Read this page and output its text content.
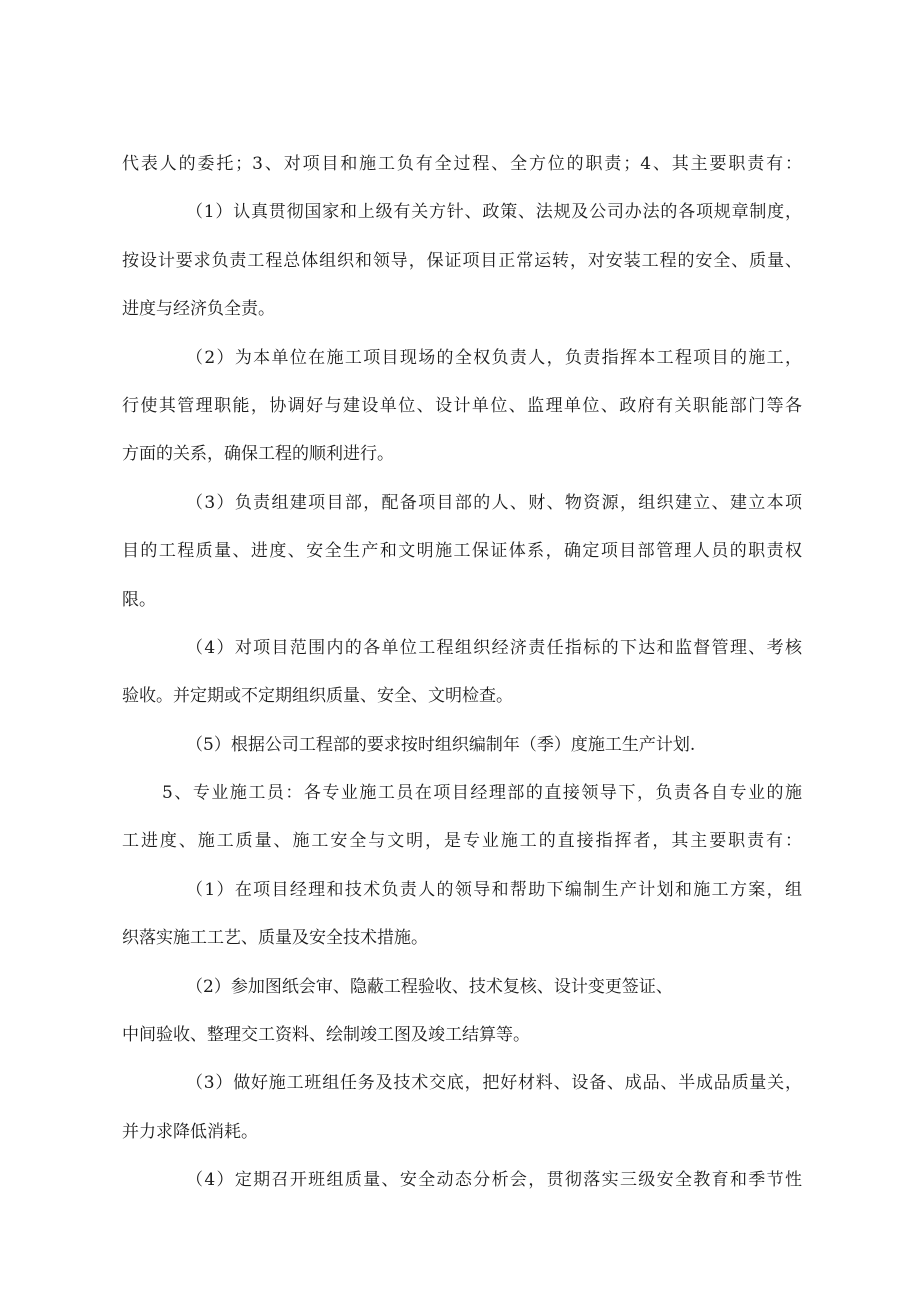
代表人的委托；3、对项目和施工负有全过程、全方位的职责；4、其主要职责有：
（1）认真贯彻国家和上级有关方针、政策、法规及公司办法的各项规章制度，
按设计要求负责工程总体组织和领导，保证项目正常运转，对安装工程的安全、质量、
进度与经济负全责。
（2）为本单位在施工项目现场的全权负责人，负责指挥本工程项目的施工，
行使其管理职能，协调好与建设单位、设计单位、监理单位、政府有关职能部门等各
方面的关系，确保工程的顺利进行。
（3）负责组建项目部，配备项目部的人、财、物资源，组织建立、建立本项
目的工程质量、进度、安全生产和文明施工保证体系，确定项目部管理人员的职责权
限。
（4）对项目范围内的各单位工程组织经济责任指标的下达和监督管理、考核
验收。并定期或不定期组织质量、安全、文明检查。
（5）根据公司工程部的要求按时组织编制年（季）度施工生产计划.
5、专业施工员：各专业施工员在项目经理部的直接领导下，负责各自专业的施
工进度、施工质量、施工安全与文明，是专业施工的直接指挥者，其主要职责有：
（1）在项目经理和技术负责人的领导和帮助下编制生产计划和施工方案，组
织落实施工工艺、质量及安全技术措施。
（2）参加图纸会审、隐蔽工程验收、技术复核、设计变更签证、
中间验收、整理交工资料、绘制竣工图及竣工结算等。
（3）做好施工班组任务及技术交底，把好材料、设备、成品、半成品质量关，
并力求降低消耗。
（4）定期召开班组质量、安全动态分析会，贯彻落实三级安全教育和季节性
